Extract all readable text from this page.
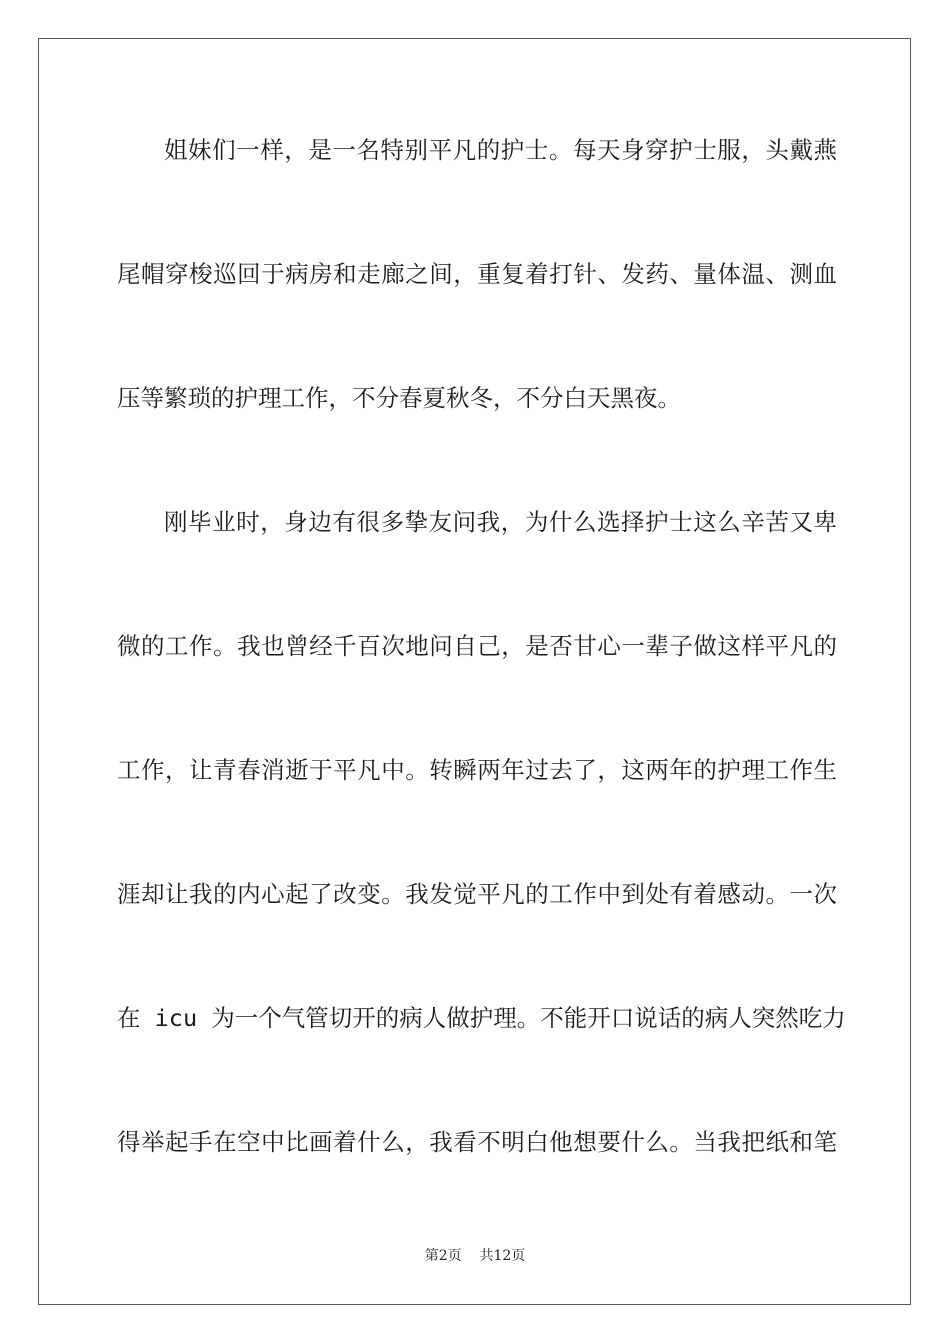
姐妹们一样，是一名特别平凡的护士。每天身穿护士服，头戴燕
尾帽穿梭巡回于病房和走廊之间，重复着打针、发药、量体温、测血
压等繁琐的护理工作，不分春夏秋冬，不分白天黑夜。
刚毕业时，身边有很多挚友问我，为什么选择护士这么辛苦又卑
微的工作。我也曾经千百次地问自己，是否甘心一辈子做这样平凡的
工作，让青春消逝于平凡中。转瞬两年过去了，这两年的护理工作生
涯却让我的内心起了改变。我发觉平凡的工作中到处有着感动。一次
在 icu 为一个气管切开的病人做护理。不能开口说话的病人突然吃力
得举起手在空中比画着什么，我看不明白他想要什么。当我把纸和笔
第2页 共12页
